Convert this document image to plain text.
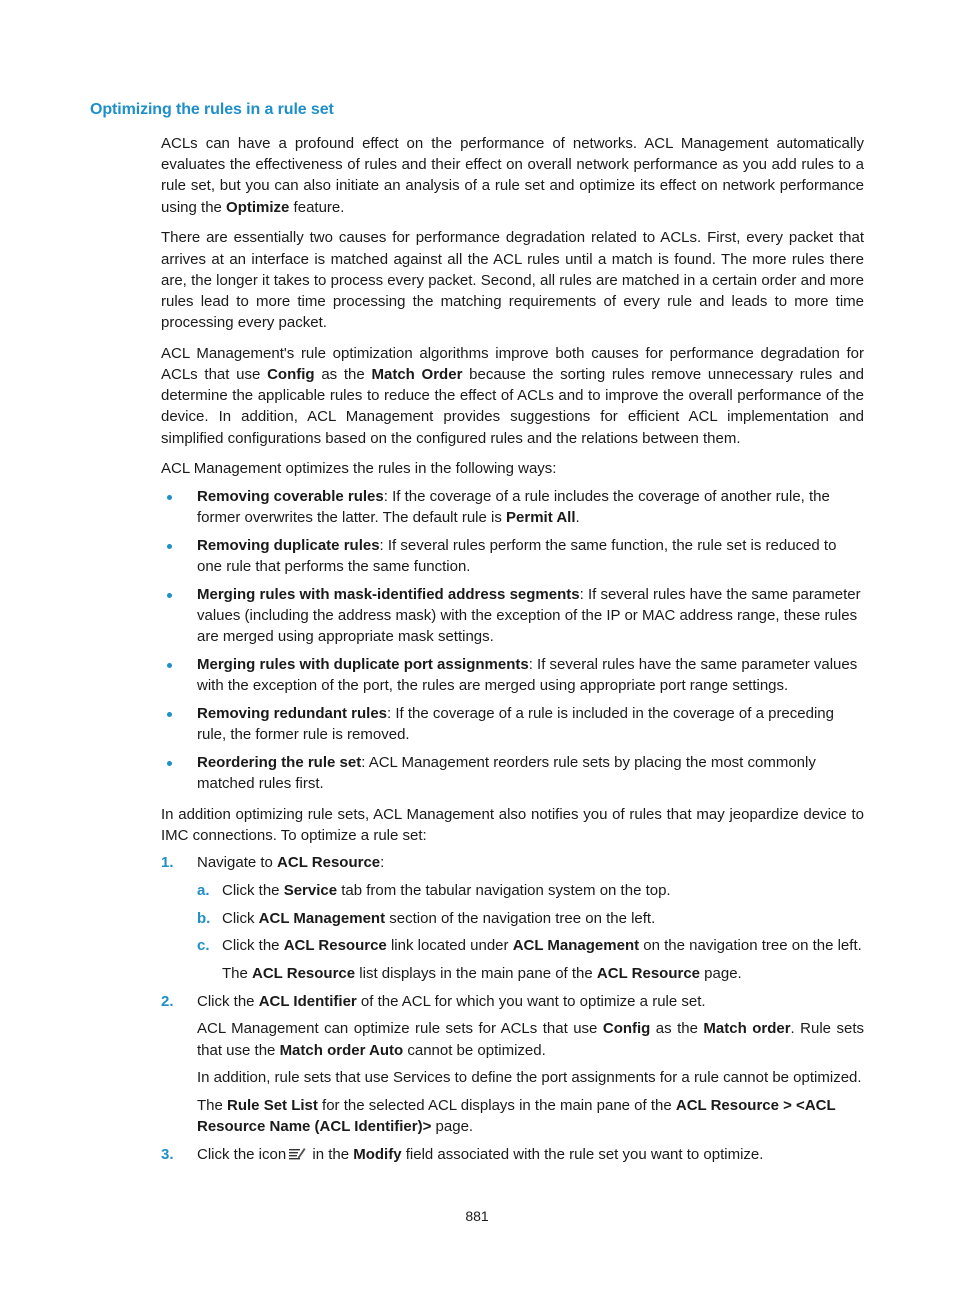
Optimizing the rules in a rule set

ACLs can have a profound effect on the performance of networks. ACL Management automatically evaluates the effectiveness of rules and their effect on overall network performance as you add rules to a rule set, but you can also initiate an analysis of a rule set and optimize its effect on network performance using the Optimize feature.

There are essentially two causes for performance degradation related to ACLs. First, every packet that arrives at an interface is matched against all the ACL rules until a match is found. The more rules there are, the longer it takes to process every packet. Second, all rules are matched in a certain order and more rules lead to more time processing the matching requirements of every rule and leads to more time processing every packet.

ACL Management's rule optimization algorithms improve both causes for performance degradation for ACLs that use Config as the Match Order because the sorting rules remove unnecessary rules and determine the applicable rules to reduce the effect of ACLs and to improve the overall performance of the device. In addition, ACL Management provides suggestions for efficient ACL implementation and simplified configurations based on the configured rules and the relations between them.

ACL Management optimizes the rules in the following ways:

Removing coverable rules: If the coverage of a rule includes the coverage of another rule, the former overwrites the latter. The default rule is Permit All.
Removing duplicate rules: If several rules perform the same function, the rule set is reduced to one rule that performs the same function.
Merging rules with mask-identified address segments: If several rules have the same parameter values (including the address mask) with the exception of the IP or MAC address range, these rules are merged using appropriate mask settings.
Merging rules with duplicate port assignments: If several rules have the same parameter values with the exception of the port, the rules are merged using appropriate port range settings.
Removing redundant rules: If the coverage of a rule is included in the coverage of a preceding rule, the former rule is removed.
Reordering the rule set: ACL Management reorders rule sets by placing the most commonly matched rules first.

In addition optimizing rule sets, ACL Management also notifies you of rules that may jeopardize device to IMC connections. To optimize a rule set:

1. Navigate to ACL Resource:
a. Click the Service tab from the tabular navigation system on the top.
b. Click ACL Management section of the navigation tree on the left.
c. Click the ACL Resource link located under ACL Management on the navigation tree on the left.
The ACL Resource list displays in the main pane of the ACL Resource page.
2. Click the ACL Identifier of the ACL for which you want to optimize a rule set.
ACL Management can optimize rule sets for ACLs that use Config as the Match order. Rule sets that use the Match order Auto cannot be optimized.
In addition, rule sets that use Services to define the port assignments for a rule cannot be optimized.
The Rule Set List for the selected ACL displays in the main pane of the ACL Resource > <ACL Resource Name (ACL Identifier)> page.
3. Click the icon in the Modify field associated with the rule set you want to optimize.
881
